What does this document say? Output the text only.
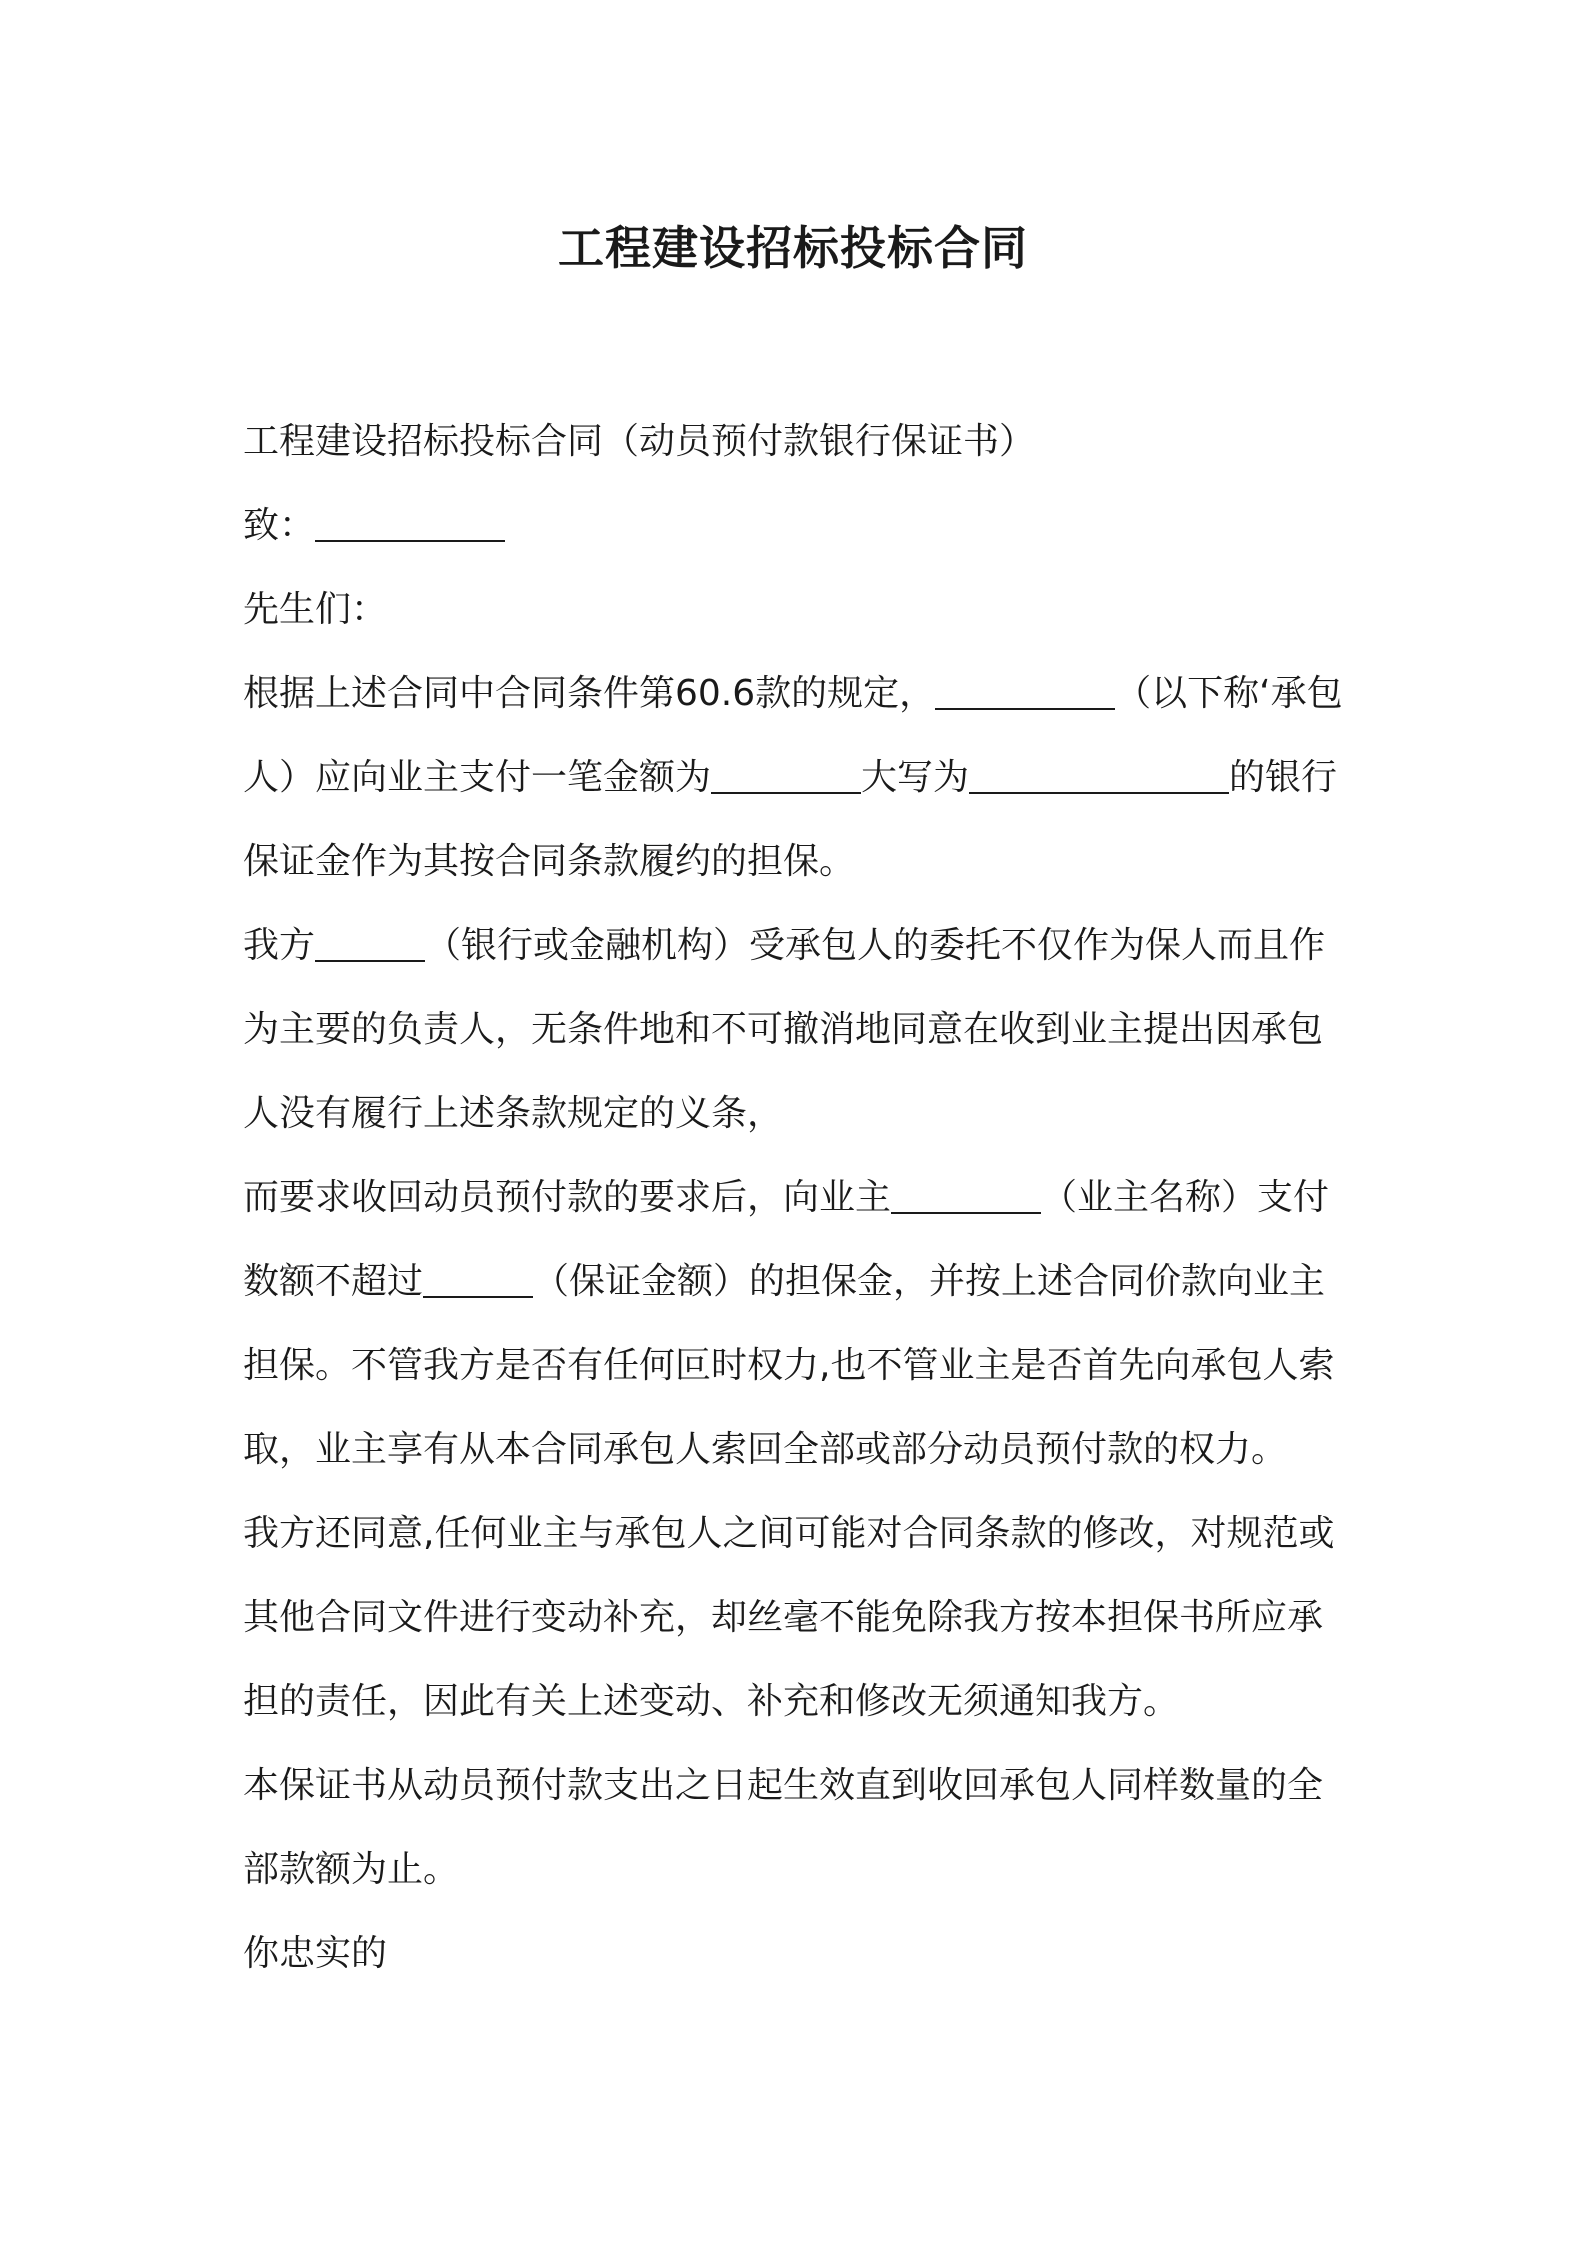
工程建设招标投标合同

工程建设招标投标合同（动员预付款银行保证书）

致：

先生们：

根据上述合同中合同条件第60.6款的规定，	（以下称‘承包人）应向业主支付一笔金额为	大写为	的银行保证金作为其按合同条款履约的担保。

我方	（银行或金融机构）受承包人的委托不仅作为保人而且作为主要的负责人，无条件地和不可撤消地同意在收到业主提出因承包人没有履行上述条款规定的义条，

而要求收回动员预付款的要求后，向业主	（业主名称）支付数额不超过	（保证金额）的担保金，并按上述合同价款向业主担保。不管我方是否有任何叵时权力,也不管业主是否首先向承包人索取，业主享有从本合同承包人索回全部或部分动员预付款的权力。

我方还同意,任何业主与承包人之间可能对合同条款的修改，对规范或其他合同文件进行变动补充，却丝毫不能免除我方按本担保书所应承担的责任，因此有关上述变动、补充和修改无须通知我方。

本保证书从动员预付款支出之日起生效直到收回承包人同样数量的全部款额为止。

你忠实的
